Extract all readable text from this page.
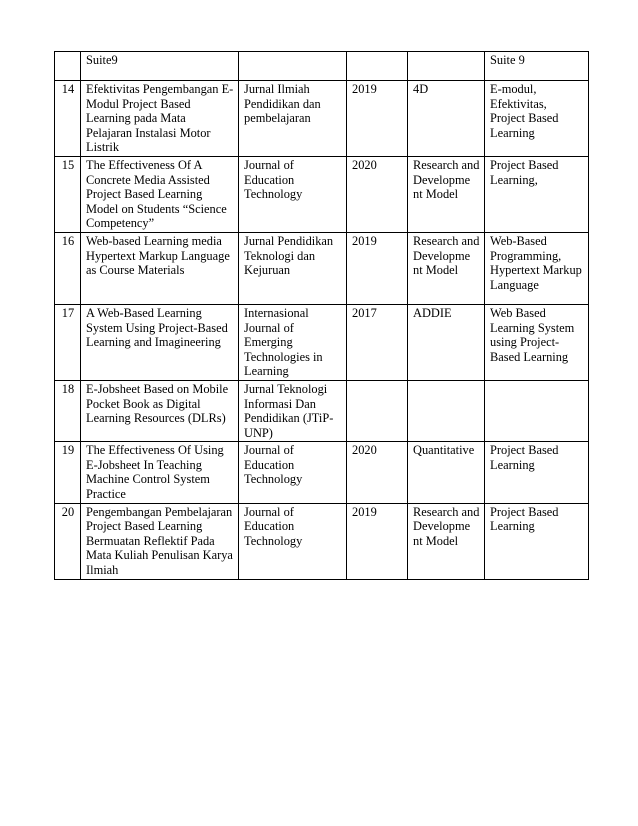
	Suite9				Suite 9
14	Efektivitas Pengembangan E-Modul Project Based Learning pada Mata Pelajaran Instalasi Motor Listrik	Jurnal Ilmiah Pendidikan dan pembelajaran	2019	4D	E-modul, Efektivitas, Project Based Learning
15	The Effectiveness Of A Concrete Media Assisted Project Based Learning Model on Students “Science Competency”	Journal of Education Technology	2020	Research and Developme nt Model	Project Based Learning,
16	Web-based Learning media Hypertext Markup Language as Course Materials	Jurnal Pendidikan Teknologi dan Kejuruan	2019	Research and Developme nt Model	Web-Based Programming, Hypertext Markup Language
17	A Web-Based Learning System Using Project-Based Learning and Imagineering	Internasional Journal of Emerging Technologies in Learning	2017	ADDIE	Web Based Learning System using Project-Based Learning
18	E-Jobsheet Based on Mobile Pocket Book as Digital Learning Resources (DLRs)	Jurnal Teknologi Informasi Dan Pendidikan (JTiP-UNP)			
19	The Effectiveness Of Using E-Jobsheet In Teaching Machine Control System Practice	Journal of Education Technology	2020	Quantitative	Project Based Learning
20	Pengembangan Pembelajaran Project Based Learning Bermuatan Reflektif Pada Mata Kuliah Penulisan Karya Ilmiah	Journal of Education Technology	2019	Research and Developme nt Model	Project Based Learning
